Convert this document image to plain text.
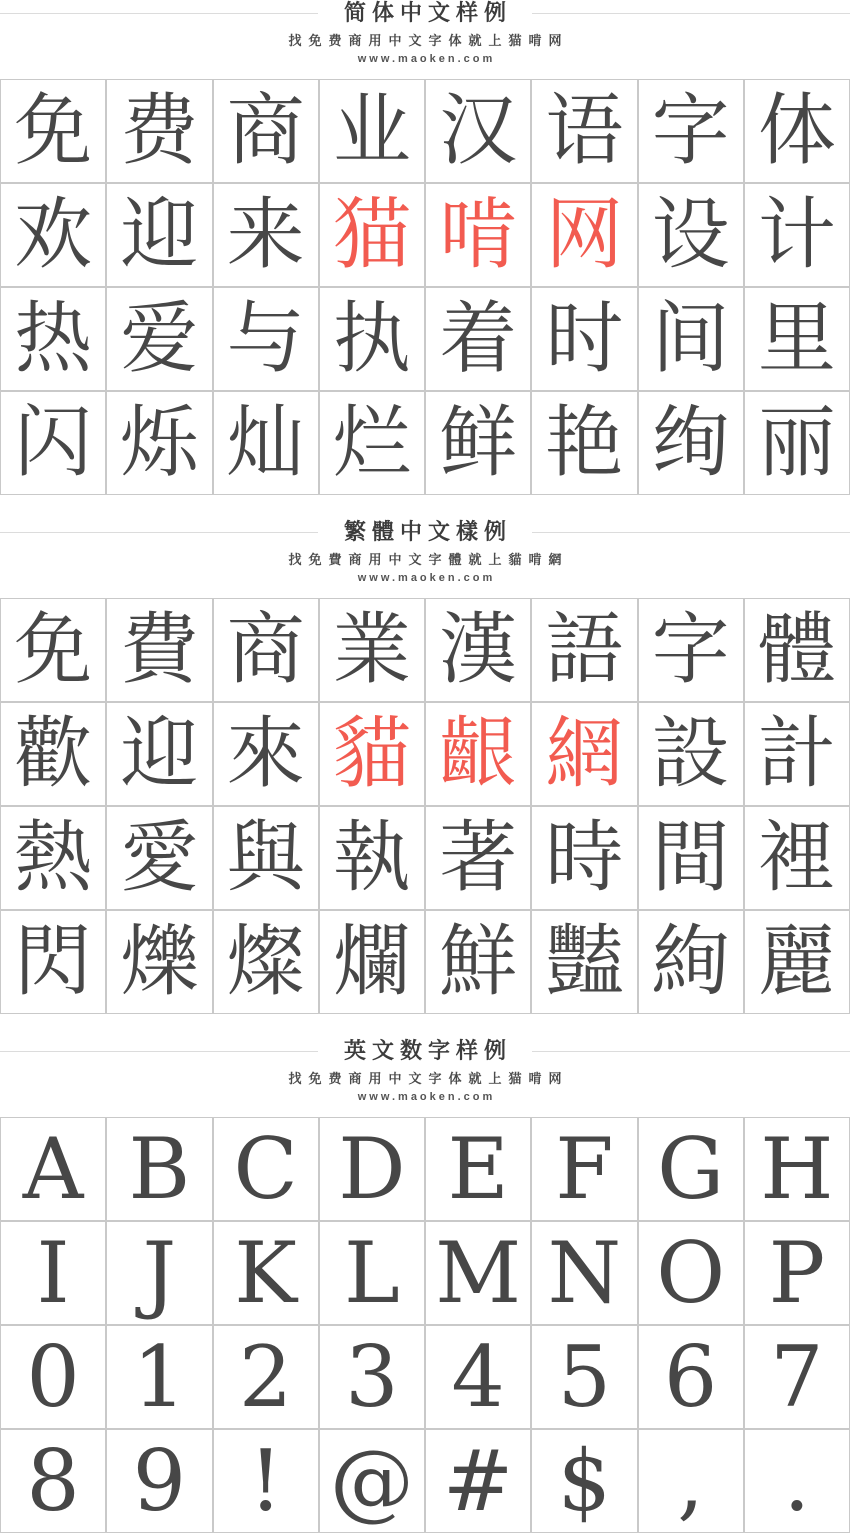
简体中文样例
找免费商用中文字体就上猫啃网
www.maoken.com
免 费 商 业 汉 语 字 体
欢 迎 来 猫 啃 网 设 计
热 爱 与 执 着 时 间 里
闪 烁 灿 烂 鲜 艳 绚 丽
繁體中文樣例
找免費商用中文字體就上貓啃網
www.maoken.com
免 費 商 業 漢 語 字 體
歡 迎 來 貓 齦 網 設 計
熱 愛 與 執 著 時 間 裡
閃 爍 燦 爛 鮮 豔 絢 麗
英文数字样例
找免费商用中文字体就上猫啃网
www.maoken.com
A B C D E F G H
I J K L M N O P
0 1 2 3 4 5 6 7
8 9 ! @ # $ , .
